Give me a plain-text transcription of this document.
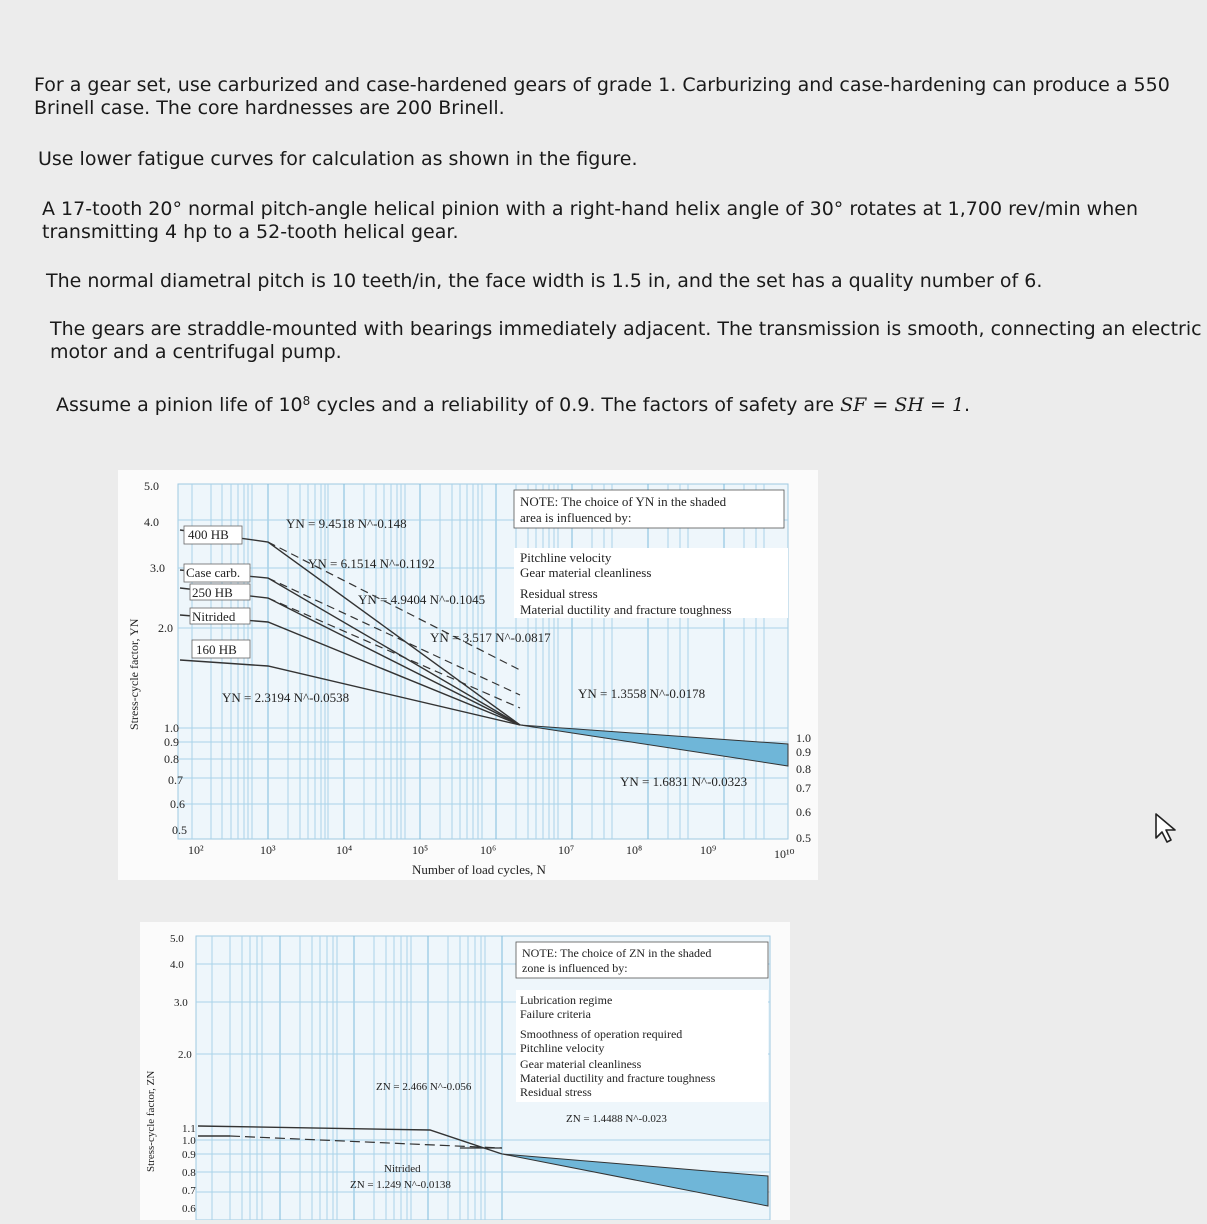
For a gear set, use carburized and case-hardened gears of grade 1. Carburizing and case-hardening can produce a 550
Brinell case. The core hardnesses are 200 Brinell.
Use lower fatigue curves for calculation as shown in the figure.
A 17-tooth 20° normal pitch-angle helical pinion with a right-hand helix angle of 30° rotates at 1,700 rev/min when
transmitting 4 hp to a 52-tooth helical gear.
The normal diametral pitch is 10 teeth/in, the face width is 1.5 in, and the set has a quality number of 6.
The gears are straddle-mounted with bearings immediately adjacent. The transmission is smooth, connecting an electric
motor and a centrifugal pump.
Assume a pinion life of $10^8$ cycles and a reliability of 0.9. The factors of safety are SF = SH = 1.
400 HB
Case carb.
250 HB
Nitrided
160 HB
YN = 9.4518 N^-0.148
YN = 6.1514 N^-0.1192
YN = 4.9404 N^-0.1045
YN = 3.517 N^-0.0817
YN = 2.3194 N^-0.0538	YN = 1.3558 N^-0.0178
YN = 1.6831 N^-0.0323
NOTE: The choice of YN in the shaded
area is influenced by:
Pitchline velocity
Gear material cleanliness
Residual stress
Material ductility and fracture toughness
5.0
4.0
3.0
2.0
1.0
0.9
0.8
0.7
0.6
0.5
1.0
0.9
0.8
0.7
0.6
0.5
10²	10³	10⁴	10⁵	10⁶	10⁷	10⁸	10⁹	10¹⁰
Number of load cycles, N
Stress-cycle factor, YN
ZN = 2.466 N^-0.056
ZN = 1.4488 N^-0.023
Nitrided
ZN = 1.249 N^-0.0138
NOTE: The choice of ZN in the shaded
zone is influenced by:
Lubrication regime
Failure criteria
Smoothness of operation required
Pitchline velocity
Gear material cleanliness
Material ductility and fracture toughness
Residual stress
5.0
4.0
3.0
2.0
1.1
1.0
0.9
0.8
0.7
0.6
Stress-cycle factor, ZN
